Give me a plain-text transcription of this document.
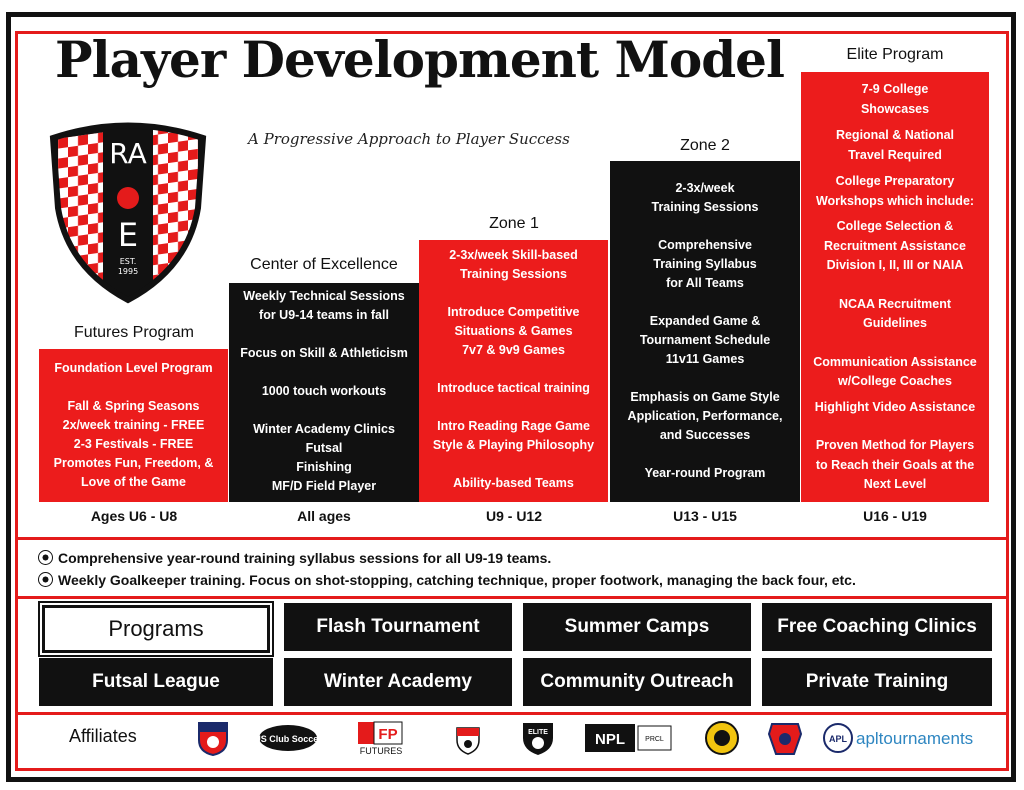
Player Development Model
A Progressive Approach to Player Success
RA
E
EST.
1995
Futures Program
Center of Excellence
Zone 1
Zone 2
Elite Program
Foundation Level Program
Fall & Spring Seasons
2x/week training - FREE
2-3 Festivals - FREE
Promotes Fun, Freedom, &
Love of the Game
Weekly Technical Sessions
for U9-14 teams in fall
Focus on Skill & Athleticism
1000 touch workouts
Winter Academy Clinics
Futsal
Finishing
MF/D Field Player
2-3x/week Skill-based
Training Sessions
Introduce Competitive
Situations & Games
7v7 & 9v9 Games
Introduce tactical training
Intro Reading Rage Game
Style & Playing Philosophy
Ability-based Teams
2-3x/week
Training Sessions
Comprehensive
Training Syllabus
for All Teams
Expanded Game &
Tournament Schedule
11v11 Games
Emphasis on Game Style
Application, Performance,
and Successes
Year-round Program
7-9 College
Showcases
Regional & National
Travel Required
College Preparatory
Workshops which include:
College Selection &
Recruitment Assistance
Division I, II, III or NAIA
NCAA Recruitment
Guidelines
Communication Assistance
w/College Coaches
Highlight Video Assistance
Proven Method for Players
to Reach their Goals at the
Next Level
Ages U6 - U8	All ages	U9 - U12	U13 - U15	U16 - U19
Comprehensive year-round training syllabus sessions for all U9-19 teams.
Weekly Goalkeeper training. Focus on shot-stopping, catching technique, proper footwork, managing the back four, etc.
Programs	Flash Tournament	Summer Camps	Free Coaching Clinics
Futsal League	Winter Academy	Community Outreach	Private Training
Affiliates	US Club Soccer	FP
FUTURES
ELITE	NPL	PRCL	APL apltournaments
